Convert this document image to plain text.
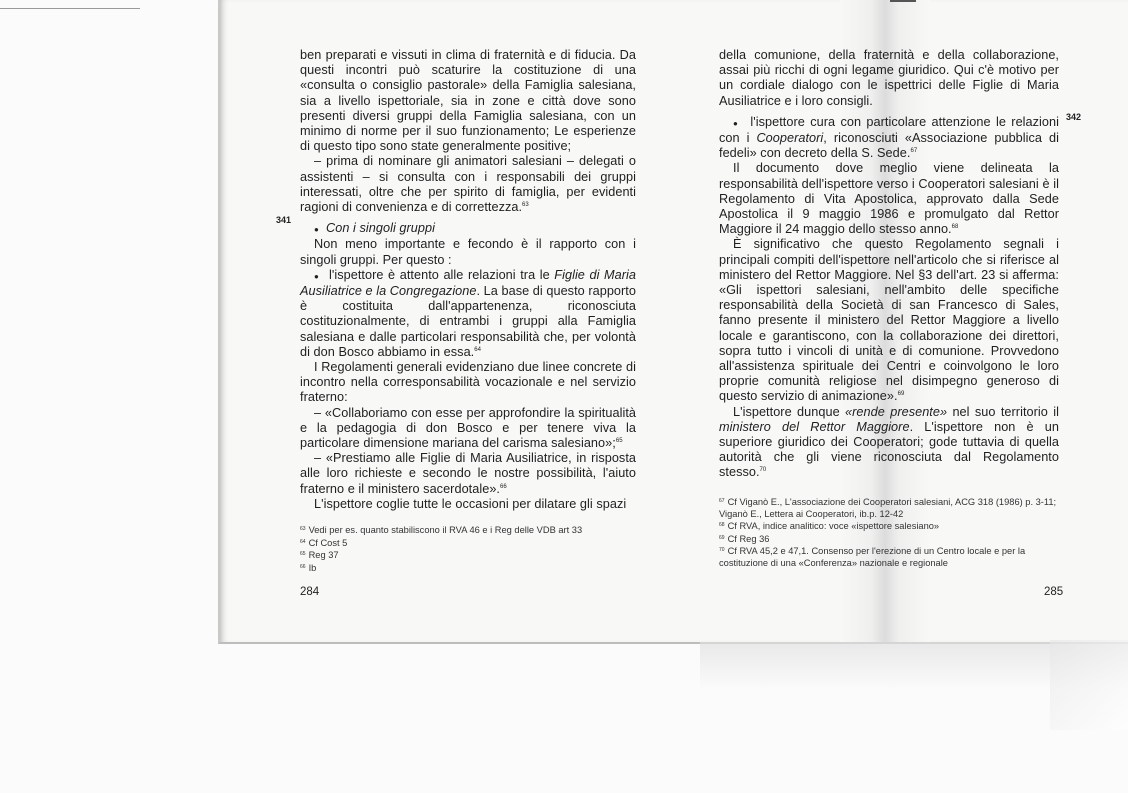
ben preparati e vissuti in clima di fraternità e di fiducia. Da questi incontri può scaturire la costituzione di una «consulta o consiglio pastorale» della Famiglia salesiana, sia a livello ispettoriale, sia in zone e città dove sono presenti diversi gruppi della Famiglia salesiana, con un minimo di norme per il suo funzionamento; Le esperienze di questo tipo sono state generalmente positive;

– prima di nominare gli animatori salesiani – delegati o assistenti – si consulta con i responsabili dei gruppi interessati, oltre che per spirito di famiglia, per evidenti ragioni di convenienza e di correttezza.$^{63}$

● Con i singoli gruppi

Non meno importante e fecondo è il rapporto con i singoli gruppi. Per questo :

●  l'ispettore è attento alle relazioni tra le Figlie di Maria Ausiliatrice e la Congregazione. La base di questo rapporto è costituita dall'appartenenza, riconosciuta costituzionalmente, di entrambi i gruppi alla Famiglia salesiana e dalle particolari responsabilità che, per volontà di don Bosco abbiamo in essa.$^{64}$

I Regolamenti generali evidenziano due linee concrete di incontro nella corresponsabilità vocazionale e nel servizio fraterno:

– «Collaboriamo con esse per approfondire la spiritualità e la pedagogia di don Bosco e per tenere viva la particolare dimensione mariana del carisma salesiano»;$^{65}$

– «Prestiamo alle Figlie di Maria Ausiliatrice, in risposta alle loro richieste e secondo le nostre possibilità, l'aiuto fraterno e il ministero sacerdotale».$^{66}$

L'ispettore coglie tutte le occasioni per dilatare gli spazi

341

$^{63}$ Vedi per es. quanto stabiliscono il RVA 46 e i Reg delle VDB art 33

$^{64}$ Cf Cost 5

$^{65}$ Reg 37

$^{66}$ Ib

284

della comunione, della fraternità e della collaborazione, assai più ricchi di ogni legame giuridico. Qui c'è motivo per un cordiale dialogo con le ispettrici delle Figlie di Maria Ausiliatrice e i loro consigli.

●  l'ispettore cura con particolare attenzione le relazioni con i Cooperatori, riconosciuti «Associazione pubblica di fedeli» con decreto della S. Sede.$^{67}$

Il documento dove meglio viene delineata la responsabilità dell'ispettore verso i Cooperatori salesiani è il Regolamento di Vita Apostolica, approvato dalla Sede Apostolica il 9 maggio 1986 e promulgato dal Rettor Maggiore il 24 maggio dello stesso anno.$^{68}$

È significativo che questo Regolamento segnali i principali compiti dell'ispettore nell'articolo che si riferisce al ministero del Rettor Maggiore. Nel §3 dell'art. 23 si afferma: «Gli ispettori salesiani, nell'ambito delle specifiche responsabilità della Società di san Francesco di Sales, fanno presente il ministero del Rettor Maggiore a livello locale e garantiscono, con la collaborazione dei direttori, sopra tutto i vincoli di unità e di comunione. Provvedono all'assistenza spirituale dei Centri e coinvolgono le loro proprie comunità religiose nel disimpegno generoso di questo servizio di animazione».$^{69}$

L'ispettore dunque «rende presente» nel suo territorio il ministero del Rettor Maggiore. L'ispettore non è un superiore giuridico dei Cooperatori; gode tuttavia di quella autorità che gli viene riconosciuta dal Regolamento stesso.$^{70}$

342

$^{67}$ Cf Viganò E., L'associazione dei Cooperatori salesiani, ACG 318 (1986) p. 3-11; Viganò E., Lettera ai Cooperatori, ib.p. 12-42

$^{68}$ Cf RVA, indice analitico: voce «ispettore salesiano»

$^{69}$ Cf Reg 36

$^{70}$ Cf RVA 45,2 e 47,1. Consenso per l'erezione di un Centro locale e per la costituzione di una «Conferenza» nazionale e regionale

285
